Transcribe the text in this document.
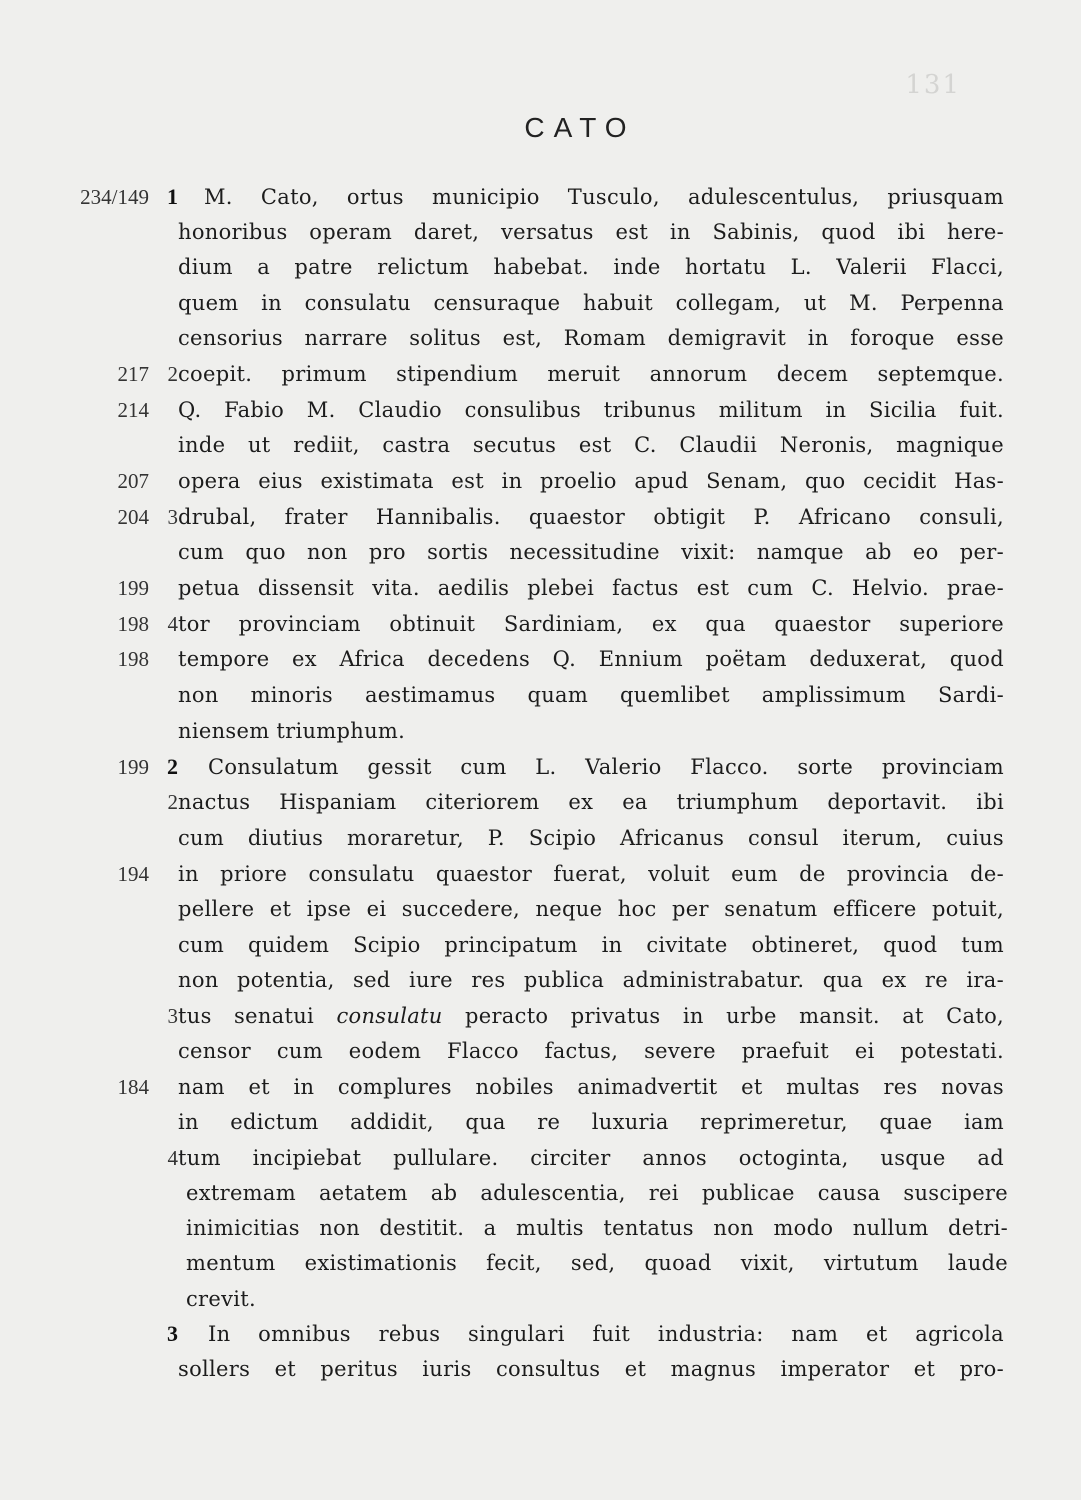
131
CATO
234/149 1	M. Cato, ortus municipio Tusculo, adulescentulus, priusquam
honoribus operam daret, versatus est in Sabinis, quod ibi here-
dium a patre relictum habebat. inde hortatu L. Valerii Flacci,
quem in consulatu censuraque habuit collegam, ut M. Perpenna
censorius narrare solitus est, Romam demigravit in foroque esse
217 2 coepit. primum stipendium meruit annorum decem septemque.
214 Q. Fabio M. Claudio consulibus tribunus militum in Sicilia fuit.
inde ut rediit, castra secutus est C. Claudii Neronis, magnique
207 opera eius existimata est in proelio apud Senam, quo cecidit Has-
204 3 drubal, frater Hannibalis. quaestor obtigit P. Africano consuli,
cum quo non pro sortis necessitudine vixit: namque ab eo per-
199 petua dissensit vita. aedilis plebei factus est cum C. Helvio. prae-
198 4 tor provinciam obtinuit Sardiniam, ex qua quaestor superiore
198 tempore ex Africa decedens Q. Ennium poëtam deduxerat, quod
non minoris aestimamus quam quemlibet amplissimum Sardi-
niensem triumphum.
199 2	Consulatum gessit cum L. Valerio Flacco. sorte provinciam
2 nactus Hispaniam citeriorem ex ea triumphum deportavit. ibi
cum diutius moraretur, P. Scipio Africanus consul iterum, cuius
194 in priore consulatu quaestor fuerat, voluit eum de provincia de-
pellere et ipse ei succedere, neque hoc per senatum efficere potuit,
cum quidem Scipio principatum in civitate obtineret, quod tum
non potentia, sed iure res publica administrabatur. qua ex re ira-
3 tus senatui consulatu peracto privatus in urbe mansit. at Cato,
censor cum eodem Flacco factus, severe praefuit ei potestati.
184 nam et in complures nobiles animadvertit et multas res novas
in edictum addidit, qua re luxuria reprimeretur, quae iam
4 tum incipiebat pullulare. circiter annos octoginta, usque ad
extremam aetatem ab adulescentia, rei publicae causa suscipere
inimicitias non destitit. a multis tentatus non modo nullum detri-
mentum existimationis fecit, sed, quoad vixit, virtutum laude
crevit.
3	In omnibus rebus singulari fuit industria: nam et agricola
sollers et peritus iuris consultus et magnus imperator et pro-
